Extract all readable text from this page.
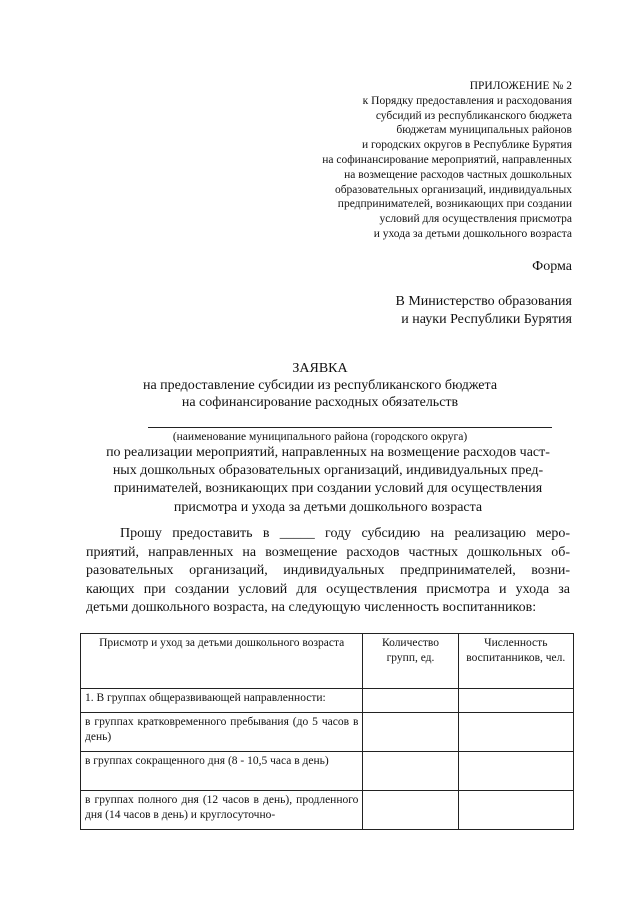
ПРИЛОЖЕНИЕ № 2
к Порядку предоставления и расходования
субсидий из республиканского бюджета
бюджетам муниципальных районов
и городских округов в Республике Бурятия
на софинансирование мероприятий, направленных
на возмещение расходов частных дошкольных
образовательных организаций, индивидуальных
предпринимателей, возникающих при создании
условий для осуществления присмотра
и ухода за детьми дошкольного возраста
Форма
В Министерство образования
и науки Республики Бурятия
ЗАЯВКА
на предоставление субсидии из республиканского бюджета
на софинансирование расходных обязательств
(наименование муниципального района (городского округа)
по реализации мероприятий, направленных на возмещение расходов част-
ных дошкольных образовательных организаций, индивидуальных пред-
принимателей, возникающих при создании условий для осуществления
присмотра и ухода за детьми дошкольного возраста
Прошу предоставить в _____ году субсидию на реализацию меро-
приятий, направленных на возмещение расходов частных дошкольных об-
разовательных организаций, индивидуальных предпринимателей, возни-
кающих при создании условий для осуществления присмотра и ухода за
детьми дошкольного возраста, на следующую численность воспитанников:
Присмотр и уход за детьми дошкольного возраста	Количество групп, ед.	Численность воспитанников, чел.
1. В группах общеразвивающей направленности:		
в группах кратковременного пребывания (до 5 часов в день)		
в группах сокращенного дня (8 - 10,5 часа в день)		
в группах полного дня (12 часов в день), продленного дня (14 часов в день) и круглосуточно-		
